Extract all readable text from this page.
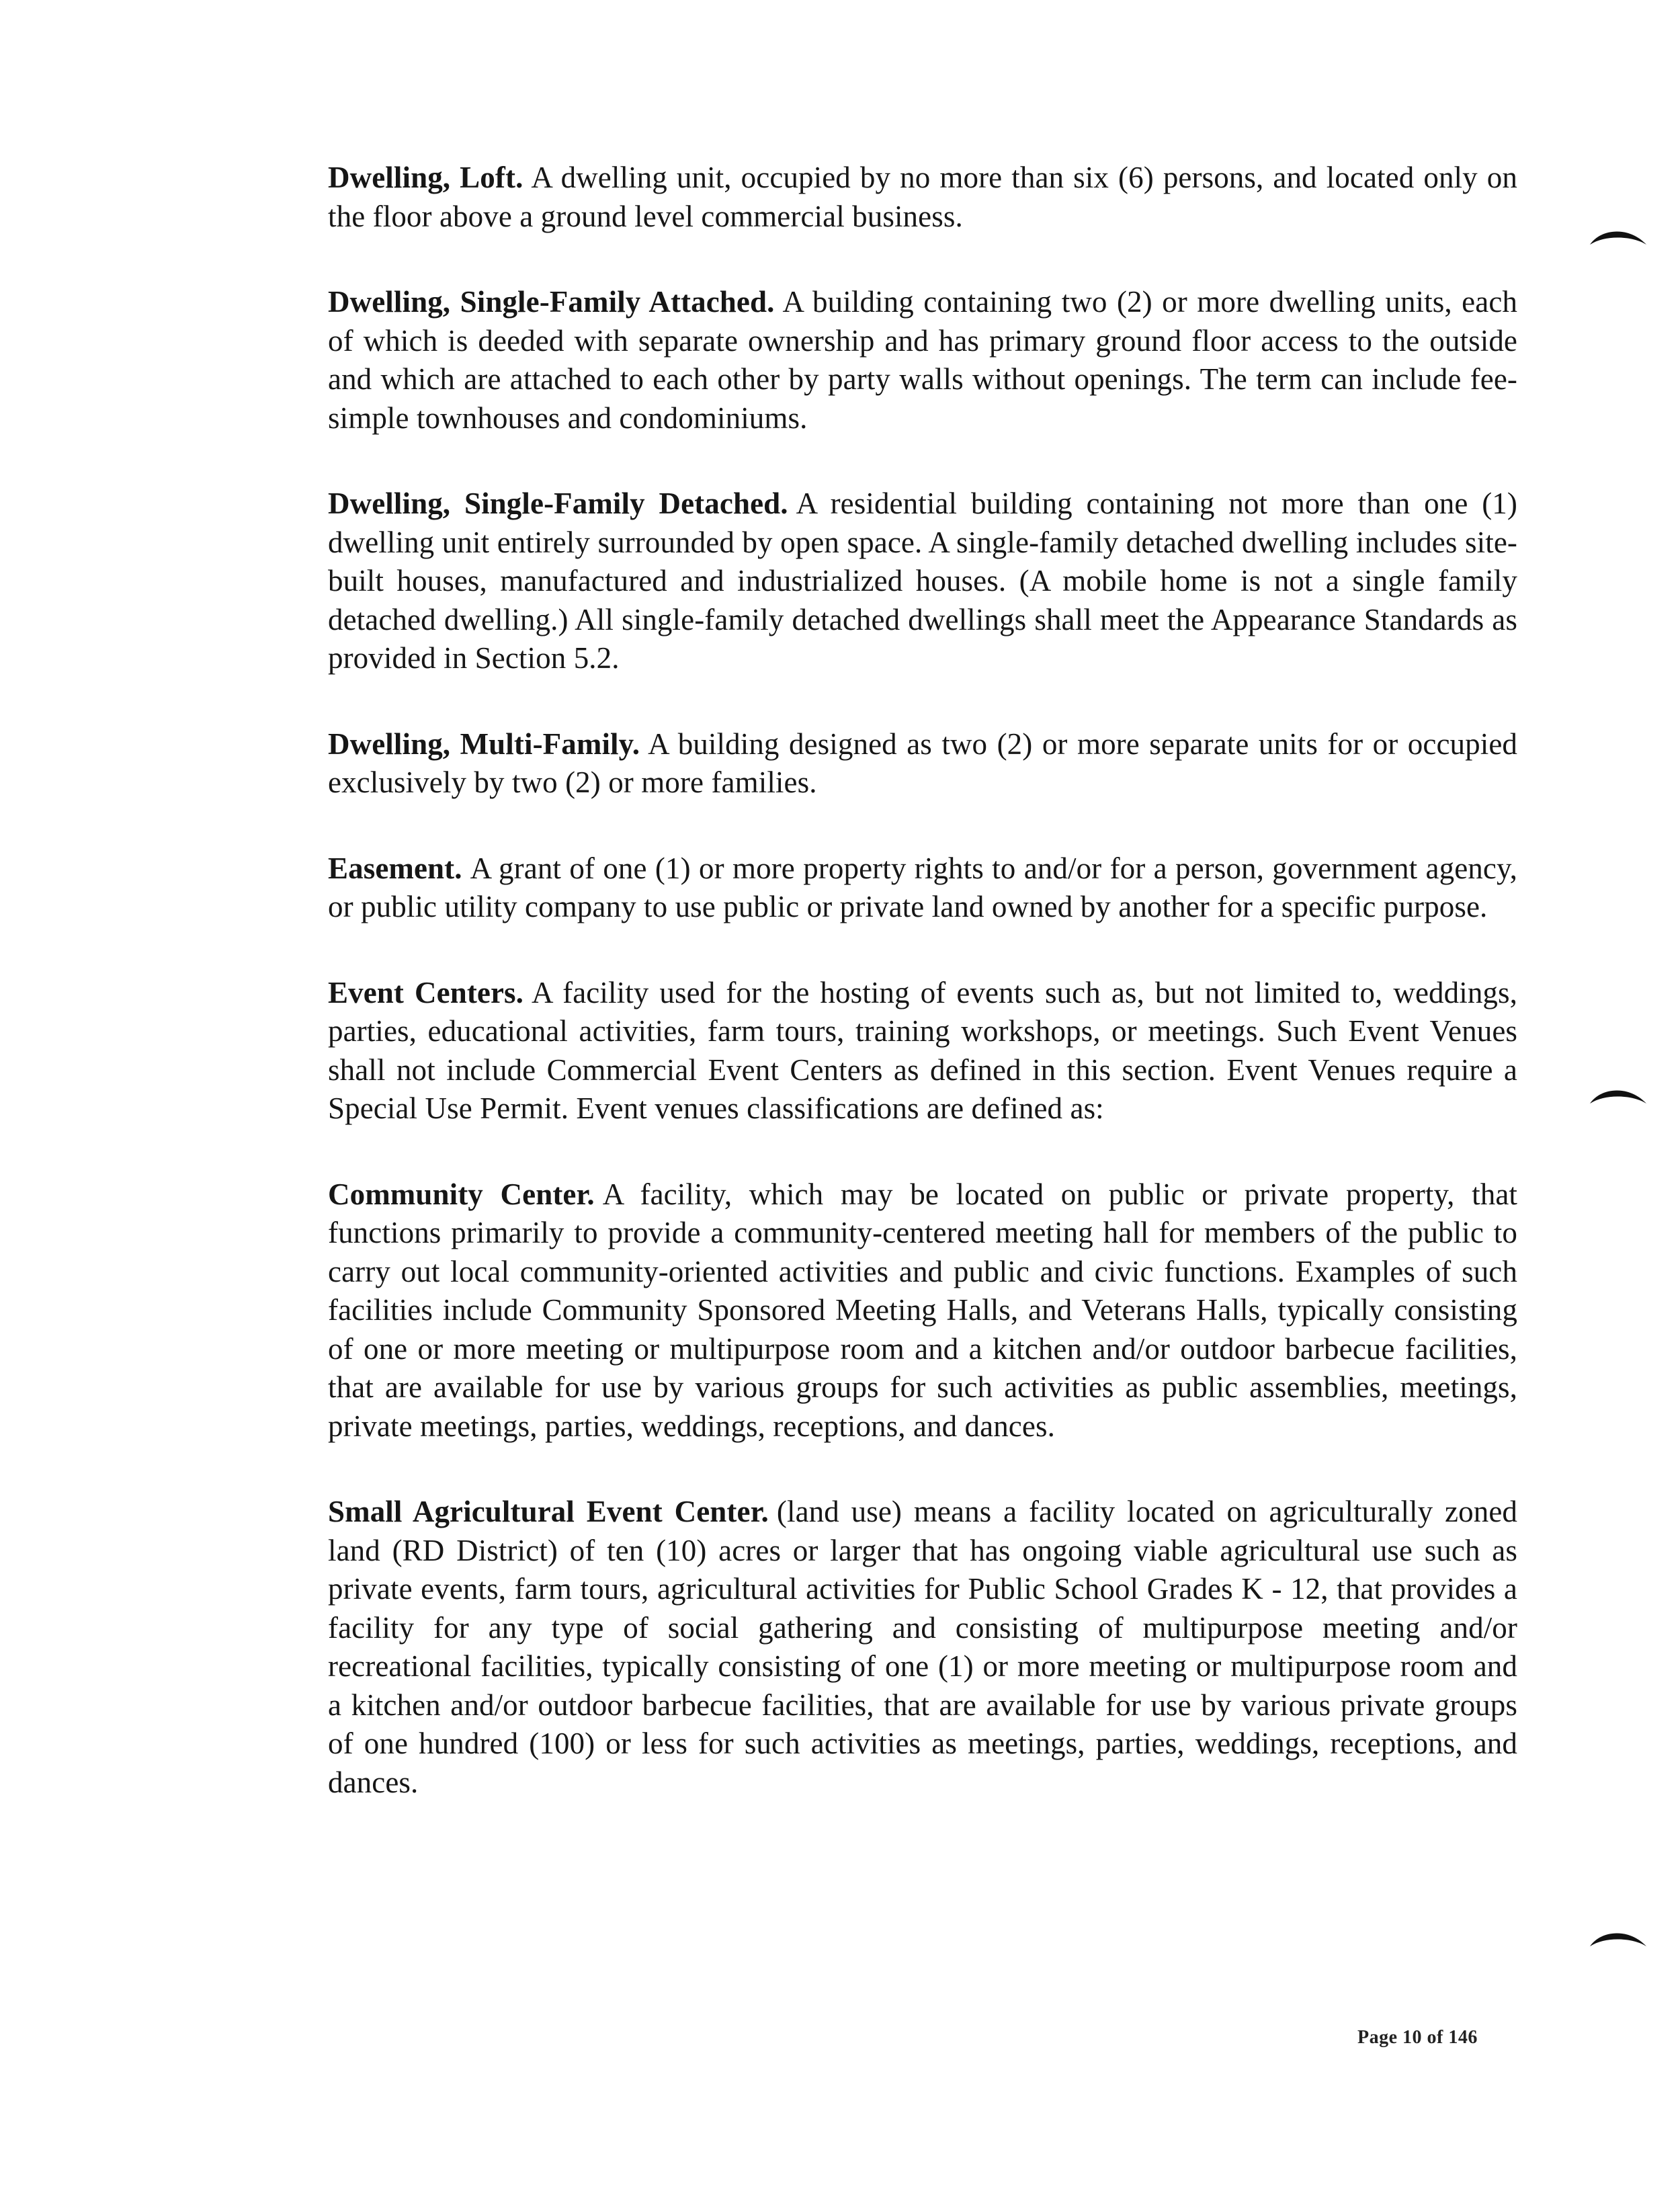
Dwelling, Loft. A dwelling unit, occupied by no more than six (6) persons, and located only on the floor above a ground level commercial business.

Dwelling, Single-Family Attached. A building containing two (2) or more dwelling units, each of which is deeded with separate ownership and has primary ground floor access to the outside and which are attached to each other by party walls without openings. The term can include fee-simple townhouses and condominiums.

Dwelling, Single-Family Detached. A residential building containing not more than one (1) dwelling unit entirely surrounded by open space. A single-family detached dwelling includes site-built houses, manufactured and industrialized houses. (A mobile home is not a single family detached dwelling.) All single-family detached dwellings shall meet the Appearance Standards as provided in Section 5.2.

Dwelling, Multi-Family. A building designed as two (2) or more separate units for or occupied exclusively by two (2) or more families.

Easement. A grant of one (1) or more property rights to and/or for a person, government agency, or public utility company to use public or private land owned by another for a specific purpose.

Event Centers. A facility used for the hosting of events such as, but not limited to, weddings, parties, educational activities, farm tours, training workshops, or meetings. Such Event Venues shall not include Commercial Event Centers as defined in this section. Event Venues require a Special Use Permit. Event venues classifications are defined as:

Community Center. A facility, which may be located on public or private property, that functions primarily to provide a community-centered meeting hall for members of the public to carry out local community-oriented activities and public and civic functions. Examples of such facilities include Community Sponsored Meeting Halls, and Veterans Halls, typically consisting of one or more meeting or multipurpose room and a kitchen and/or outdoor barbecue facilities, that are available for use by various groups for such activities as public assemblies, meetings, private meetings, parties, weddings, receptions, and dances.

Small Agricultural Event Center. (land use) means a facility located on agriculturally zoned land (RD District) of ten (10) acres or larger that has ongoing viable agricultural use such as private events, farm tours, agricultural activities for Public School Grades K - 12, that provides a facility for any type of social gathering and consisting of multipurpose meeting and/or recreational facilities, typically consisting of one (1) or more meeting or multipurpose room and a kitchen and/or outdoor barbecue facilities, that are available for use by various private groups of one hundred (100) or less for such activities as meetings, parties, weddings, receptions, and dances.

Page 10 of 146
